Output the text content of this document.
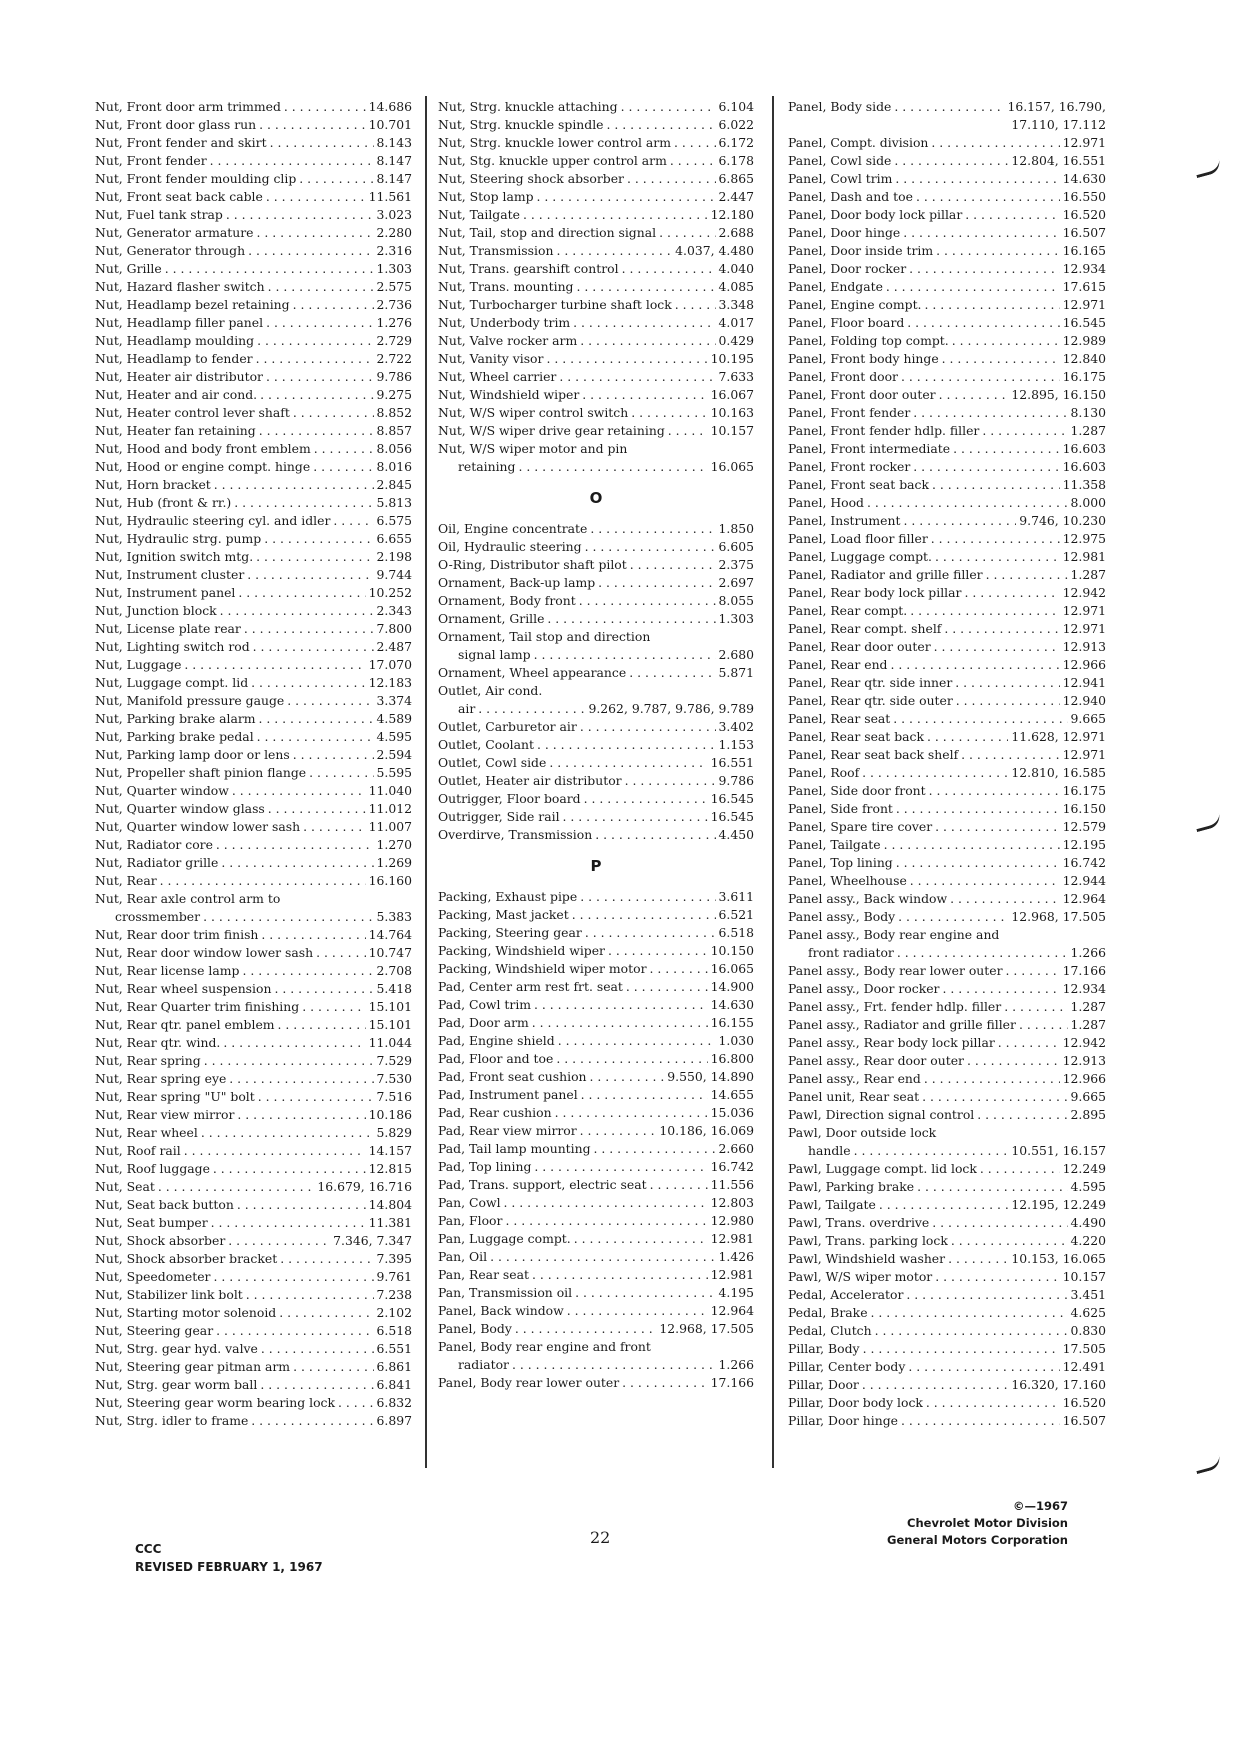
Nut, Front door arm trimmed . . .	14.686
Nut, Front door glass run . . .	10.701
Nut, Front fender and skirt . . .	8.143
Nut, Front fender . . .	8.147
Nut, Front fender moulding clip . . .	8.147
Nut, Front seat back cable . . .	11.561
Nut, Fuel tank strap . . .	3.023
Nut, Generator armature . . .	2.280
Nut, Generator through . . .	2.316
Nut, Grille . . .	1.303
Nut, Hazard flasher switch . . .	2.575
Nut, Headlamp bezel retaining . . .	2.736
Nut, Headlamp filler panel . . .	1.276
Nut, Headlamp moulding . . .	2.729
Nut, Headlamp to fender . . .	2.722
Nut, Heater air distributor . . .	9.786
Nut, Heater and air cond. . . .	9.275
Nut, Heater control lever shaft . . .	8.852
Nut, Heater fan retaining . . .	8.857
Nut, Hood and body front emblem . . .	8.056
Nut, Hood or engine compt. hinge . . .	8.016
Nut, Horn bracket . . .	2.845
Nut, Hub (front & rr.) . . .	5.813
Nut, Hydraulic steering cyl. and idler . . .	6.575
Nut, Hydraulic strg. pump . . .	6.655
Nut, Ignition switch mtg. . . .	2.198
Nut, Instrument cluster . . .	9.744
Nut, Instrument panel . . .	10.252
Nut, Junction block . . .	2.343
Nut, License plate rear . . .	7.800
Nut, Lighting switch rod . . .	2.487
Nut, Luggage . . .	17.070
Nut, Luggage compt. lid . . .	12.183
Nut, Manifold pressure gauge . . .	3.374
Nut, Parking brake alarm . . .	4.589
Nut, Parking brake pedal . . .	4.595
Nut, Parking lamp door or lens . . .	2.594
Nut, Propeller shaft pinion flange . . .	5.595
Nut, Quarter window . . .	11.040
Nut, Quarter window glass . . .	11.012
Nut, Quarter window lower sash . . .	11.007
Nut, Radiator core . . .	1.270
Nut, Radiator grille . . .	1.269
Nut, Rear . . .	16.160
Nut, Rear axle control arm to
crossmember . . .	5.383
Nut, Rear door trim finish . . .	14.764
Nut, Rear door window lower sash . . .	10.747
Nut, Rear license lamp . . .	2.708
Nut, Rear wheel suspension . . .	5.418
Nut, Rear Quarter trim finishing . . .	15.101
Nut, Rear qtr. panel emblem . . .	15.101
Nut, Rear qtr. wind. . . .	11.044
Nut, Rear spring . . .	7.529
Nut, Rear spring eye . . .	7.530
Nut, Rear spring "U" bolt . . .	7.516
Nut, Rear view mirror . . .	10.186
Nut, Rear wheel . . .	5.829
Nut, Roof rail . . .	14.157
Nut, Roof luggage . . .	12.815
Nut, Seat . . .	16.679, 16.716
Nut, Seat back button . . .	14.804
Nut, Seat bumper . . .	11.381
Nut, Shock absorber . . .	7.346, 7.347
Nut, Shock absorber bracket . . .	7.395
Nut, Speedometer . . .	9.761
Nut, Stabilizer link bolt . . .	7.238
Nut, Starting motor solenoid . . .	2.102
Nut, Steering gear . . .	6.518
Nut, Strg. gear hyd. valve . . .	6.551
Nut, Steering gear pitman arm . . .	6.861
Nut, Strg. gear worm ball . . .	6.841
Nut, Steering gear worm bearing lock . . .	6.832
Nut, Strg. idler to frame . . .	6.897
Nut, Strg. knuckle attaching . . .	6.104
Nut, Strg. knuckle spindle . . .	6.022
Nut, Strg. knuckle lower control arm . . .	6.172
Nut, Stg. knuckle upper control arm . . .	6.178
Nut, Steering shock absorber . . .	6.865
Nut, Stop lamp . . .	2.447
Nut, Tailgate . . .	12.180
Nut, Tail, stop and direction signal . . .	2.688
Nut, Transmission . . .	4.037, 4.480
Nut, Trans. gearshift control . . .	4.040
Nut, Trans. mounting . . .	4.085
Nut, Turbocharger turbine shaft lock . . .	3.348
Nut, Underbody trim . . .	4.017
Nut, Valve rocker arm . . .	0.429
Nut, Vanity visor . . .	10.195
Nut, Wheel carrier . . .	7.633
Nut, Windshield wiper . . .	16.067
Nut, W/S wiper control switch . . .	10.163
Nut, W/S wiper drive gear retaining . . .	10.157
Nut, W/S wiper motor and pin
retaining . . .	16.065
O
Oil, Engine concentrate . . .	1.850
Oil, Hydraulic steering . . .	6.605
O-Ring, Distributor shaft pilot . . .	2.375
Ornament, Back-up lamp . . .	2.697
Ornament, Body front . . .	8.055
Ornament, Grille . . .	1.303
Ornament, Tail stop and direction
signal lamp . . .	2.680
Ornament, Wheel appearance . . .	5.871
Outlet, Air cond.
air . . .	9.262, 9.787, 9.786, 9.789
Outlet, Carburetor air . . .	3.402
Outlet, Coolant . . .	1.153
Outlet, Cowl side . . .	16.551
Outlet, Heater air distributor . . .	9.786
Outrigger, Floor board . . .	16.545
Outrigger, Side rail . . .	16.545
Overdirve, Transmission . . .	4.450
P
Packing, Exhaust pipe . . .	3.611
Packing, Mast jacket . . .	6.521
Packing, Steering gear . . .	6.518
Packing, Windshield wiper . . .	10.150
Packing, Windshield wiper motor . . .	16.065
Pad, Center arm rest frt. seat . . .	14.900
Pad, Cowl trim . . .	14.630
Pad, Door arm . . .	16.155
Pad, Engine shield . . .	1.030
Pad, Floor and toe . . .	16.800
Pad, Front seat cushion . . .	9.550, 14.890
Pad, Instrument panel . . .	14.655
Pad, Rear cushion . . .	15.036
Pad, Rear view mirror . . .	10.186, 16.069
Pad, Tail lamp mounting . . .	2.660
Pad, Top lining . . .	16.742
Pad, Trans. support, electric seat . . .	11.556
Pan, Cowl . . .	12.803
Pan, Floor . . .	12.980
Pan, Luggage compt. . . .	12.981
Pan, Oil . . .	1.426
Pan, Rear seat . . .	12.981
Pan, Transmission oil . . .	4.195
Panel, Back window . . .	12.964
Panel, Body . . .	12.968, 17.505
Panel, Body rear engine and front
radiator . . .	1.266
Panel, Body rear lower outer . . .	17.166
Panel, Body side . . .	16.157, 16.790,
17.110, 17.112
Panel, Compt. division . . .	12.971
Panel, Cowl side . . .	12.804, 16.551
Panel, Cowl trim . . .	14.630
Panel, Dash and toe . . .	16.550
Panel, Door body lock pillar . . .	16.520
Panel, Door hinge . . .	16.507
Panel, Door inside trim . . .	16.165
Panel, Door rocker . . .	12.934
Panel, Endgate . . .	17.615
Panel, Engine compt. . . .	12.971
Panel, Floor board . . .	16.545
Panel, Folding top compt. . . .	12.989
Panel, Front body hinge . . .	12.840
Panel, Front door . . .	16.175
Panel, Front door outer . . .	12.895, 16.150
Panel, Front fender . . .	8.130
Panel, Front fender hdlp. filler . . .	1.287
Panel, Front intermediate . . .	16.603
Panel, Front rocker . . .	16.603
Panel, Front seat back . . .	11.358
Panel, Hood . . .	8.000
Panel, Instrument . . .	9.746, 10.230
Panel, Load floor filler . . .	12.975
Panel, Luggage compt. . . .	12.981
Panel, Radiator and grille filler . . .	1.287
Panel, Rear body lock pillar . . .	12.942
Panel, Rear compt. . . .	12.971
Panel, Rear compt. shelf . . .	12.971
Panel, Rear door outer . . .	12.913
Panel, Rear end . . .	12.966
Panel, Rear qtr. side inner . . .	12.941
Panel, Rear qtr. side outer . . .	12.940
Panel, Rear seat . . .	9.665
Panel, Rear seat back . . .	11.628, 12.971
Panel, Rear seat back shelf . . .	12.971
Panel, Roof . . .	12.810, 16.585
Panel, Side door front . . .	16.175
Panel, Side front . . .	16.150
Panel, Spare tire cover . . .	12.579
Panel, Tailgate . . .	12.195
Panel, Top lining . . .	16.742
Panel, Wheelhouse . . .	12.944
Panel assy., Back window . . .	12.964
Panel assy., Body . . .	12.968, 17.505
Panel assy., Body rear engine and
front radiator . . .	1.266
Panel assy., Body rear lower outer . . .	17.166
Panel assy., Door rocker . . .	12.934
Panel assy., Frt. fender hdlp. filler . . .	1.287
Panel assy., Radiator and grille filler . . .	1.287
Panel assy., Rear body lock pillar . . .	12.942
Panel assy., Rear door outer . . .	12.913
Panel assy., Rear end . . .	12.966
Panel unit, Rear seat . . .	9.665
Pawl, Direction signal control . . .	2.895
Pawl, Door outside lock
handle . . .	10.551, 16.157
Pawl, Luggage compt. lid lock . . .	12.249
Pawl, Parking brake . . .	4.595
Pawl, Tailgate . . .	12.195, 12.249
Pawl, Trans. overdrive . . .	4.490
Pawl, Trans. parking lock . . .	4.220
Pawl, Windshield washer . . .	10.153, 16.065
Pawl, W/S wiper motor . . .	10.157
Pedal, Accelerator . . .	3.451
Pedal, Brake . . .	4.625
Pedal, Clutch . . .	0.830
Pillar, Body . . .	17.505
Pillar, Center body . . .	12.491
Pillar, Door . . .	16.320, 17.160
Pillar, Door body lock . . .	16.520
Pillar, Door hinge . . .	16.507
CCC
REVISED FEBRUARY 1, 1967
22
©—1967
Chevrolet Motor Division
General Motors Corporation
